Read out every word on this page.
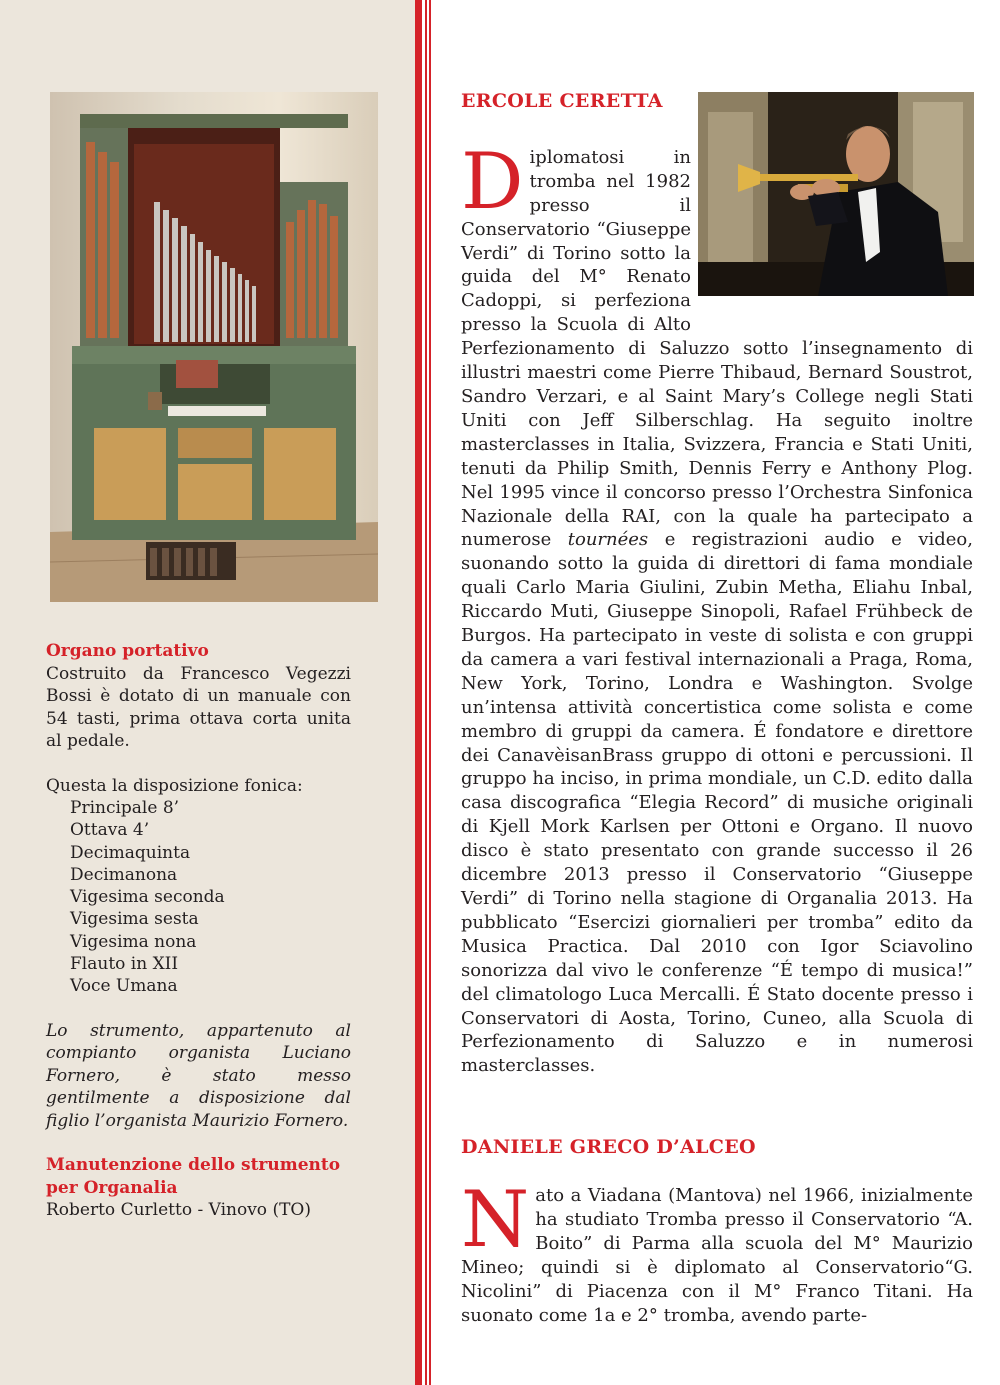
Organo portativo
Costruito da Francesco Vegezzi Bossi è dotato di un manuale con 54 tasti, prima ottava corta unita al pedale.
Questa la disposizione fonica:
Principale 8’
Ottava 4’
Decimaquinta
Decimanona
Vigesima seconda
Vigesima sesta
Vigesima nona
Flauto in XII
Voce Umana
Lo strumento, appartenuto al compianto organista Luciano Fornero, è stato messo gentilmente a disposizione dal figlio l’organista Maurizio Fornero.
Manutenzione dello strumento per Organalia
Roberto Curletto - Vinovo (TO)
ERCOLE CERETTA

Diplomatosi in tromba nel 1982 presso il Conservatorio “Giuseppe Verdi” di Torino sotto la guida del M° Renato Cadoppi, si perfeziona presso la Scuola di Alto Perfezionamento di Saluzzo sotto l’insegnamento di illustri maestri come Pierre Thibaud, Bernard Soustrot, Sandro Verzari, e al Saint Mary’s College negli Stati Uniti con Jeff Silberschlag. Ha seguito inoltre masterclasses in Italia, Svizzera, Francia e Stati Uniti, tenuti da Philip Smith, Dennis Ferry e Anthony Plog. Nel 1995 vince il concorso presso l’Orchestra Sinfonica Nazionale della RAI, con la quale ha partecipato a numerose tournées e registrazioni audio e video, suonando sotto la guida di direttori di fama mondiale quali Carlo Maria Giulini, Zubin Metha, Eliahu Inbal, Riccardo Muti, Giuseppe Sinopoli, Rafael Frühbeck de Burgos. Ha partecipato in veste di solista e con gruppi da camera a vari festival internazionali a Praga, Roma, New York, Torino, Londra e Washington. Svolge un’intensa attività concertistica come solista e come membro di gruppi da camera. É fondatore e direttore dei CanavèisanBrass gruppo di ottoni e percussioni. Il gruppo ha inciso, in prima mondiale, un C.D. edito dalla casa discografica “Elegia Record” di musiche originali di Kjell Mork Karlsen per Ottoni e Organo. Il nuovo disco è stato presentato con grande successo il 26 dicembre 2013 presso il Conservatorio “Giuseppe Verdi” di Torino nella stagione di Organalia 2013. Ha pubblicato “Esercizi giornalieri per tromba” edito da Musica Practica. Dal 2010 con Igor Sciavolino sonorizza dal vivo le conferenze “É tempo di musica!” del climatologo Luca Mercalli. É Stato docente presso i Conservatori di Aosta, Torino, Cuneo, alla Scuola di Perfezionamento di Saluzzo e in numerosi masterclasses.

DANIELE GRECO D’ALCEO

Nato a Viadana (Mantova) nel 1966, inizialmente ha studiato Tromba presso il Conservatorio “A. Boito” di Parma alla scuola del M° Maurizio Mineo; quindi si è diplomato al Conservatorio“G. Nicolini” di Piacenza con il M° Franco Titani. Ha suonato come 1a e 2° tromba, avendo parte-
